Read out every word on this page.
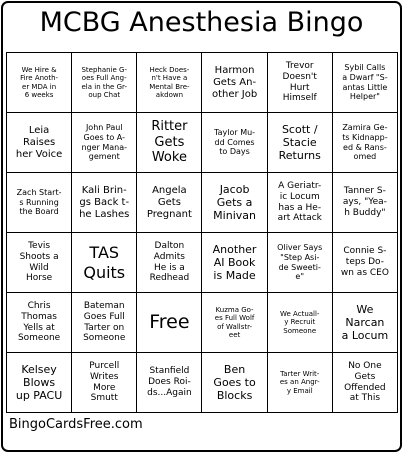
MCBG Anesthesia Bingo
We Hire &
Fire Anoth-
er MDA in
6 weeks
Stephanie G-
oes Full Ang-
ela in the Gr-
oup Chat
Heck Does-
n't Have a
Mental Bre-
akdown
Harmon
Gets An-
other Job
Trevor
Doesn't
Hurt
Himself
Sybil Calls
a Dwarf "S-
antas Little
Helper"
Leia
Raises
her Voice
John Paul
Goes to A-
nger Mana-
gement
Ritter
Gets
Woke
Taylor Mu-
dd Comes
to Days
Scott /
Stacie
Returns
Zamira Ge-
ts Kidnapp-
ed & Rans-
omed
Zach Start-
s Running
the Board
Kali Brin-
gs Back t-
he Lashes
Angela
Gets
Pregnant
Jacob
Gets a
Minivan
A Geriatr-
ic Locum
has a He-
art Attack
Tanner S-
ays, "Yea-
h Buddy"
Tevis
Shoots a
Wild
Horse
TAS
Quits
Dalton
Admits
He is a
Redhead
Another
AI Book
is Made
Oliver Says
"Step Asi-
de Sweeti-
e"
Connie S-
teps Do-
wn as CEO
Chris
Thomas
Yells at
Someone
Bateman
Goes Full
Tarter on
Someone
Free
Kuzma Go-
es Full Wolf
of Wallstr-
eet
We Actuall-
y Recruit
Someone
We
Narcan
a Locum
Kelsey
Blows
up PACU
Purcell
Writes
More
Smutt
Stanfield
Does Roi-
ds...Again
Ben
Goes to
Blocks
Tarter Writ-
es an Angr-
y Email
No One
Gets
Offended
at This
BingoCardsFree.com
